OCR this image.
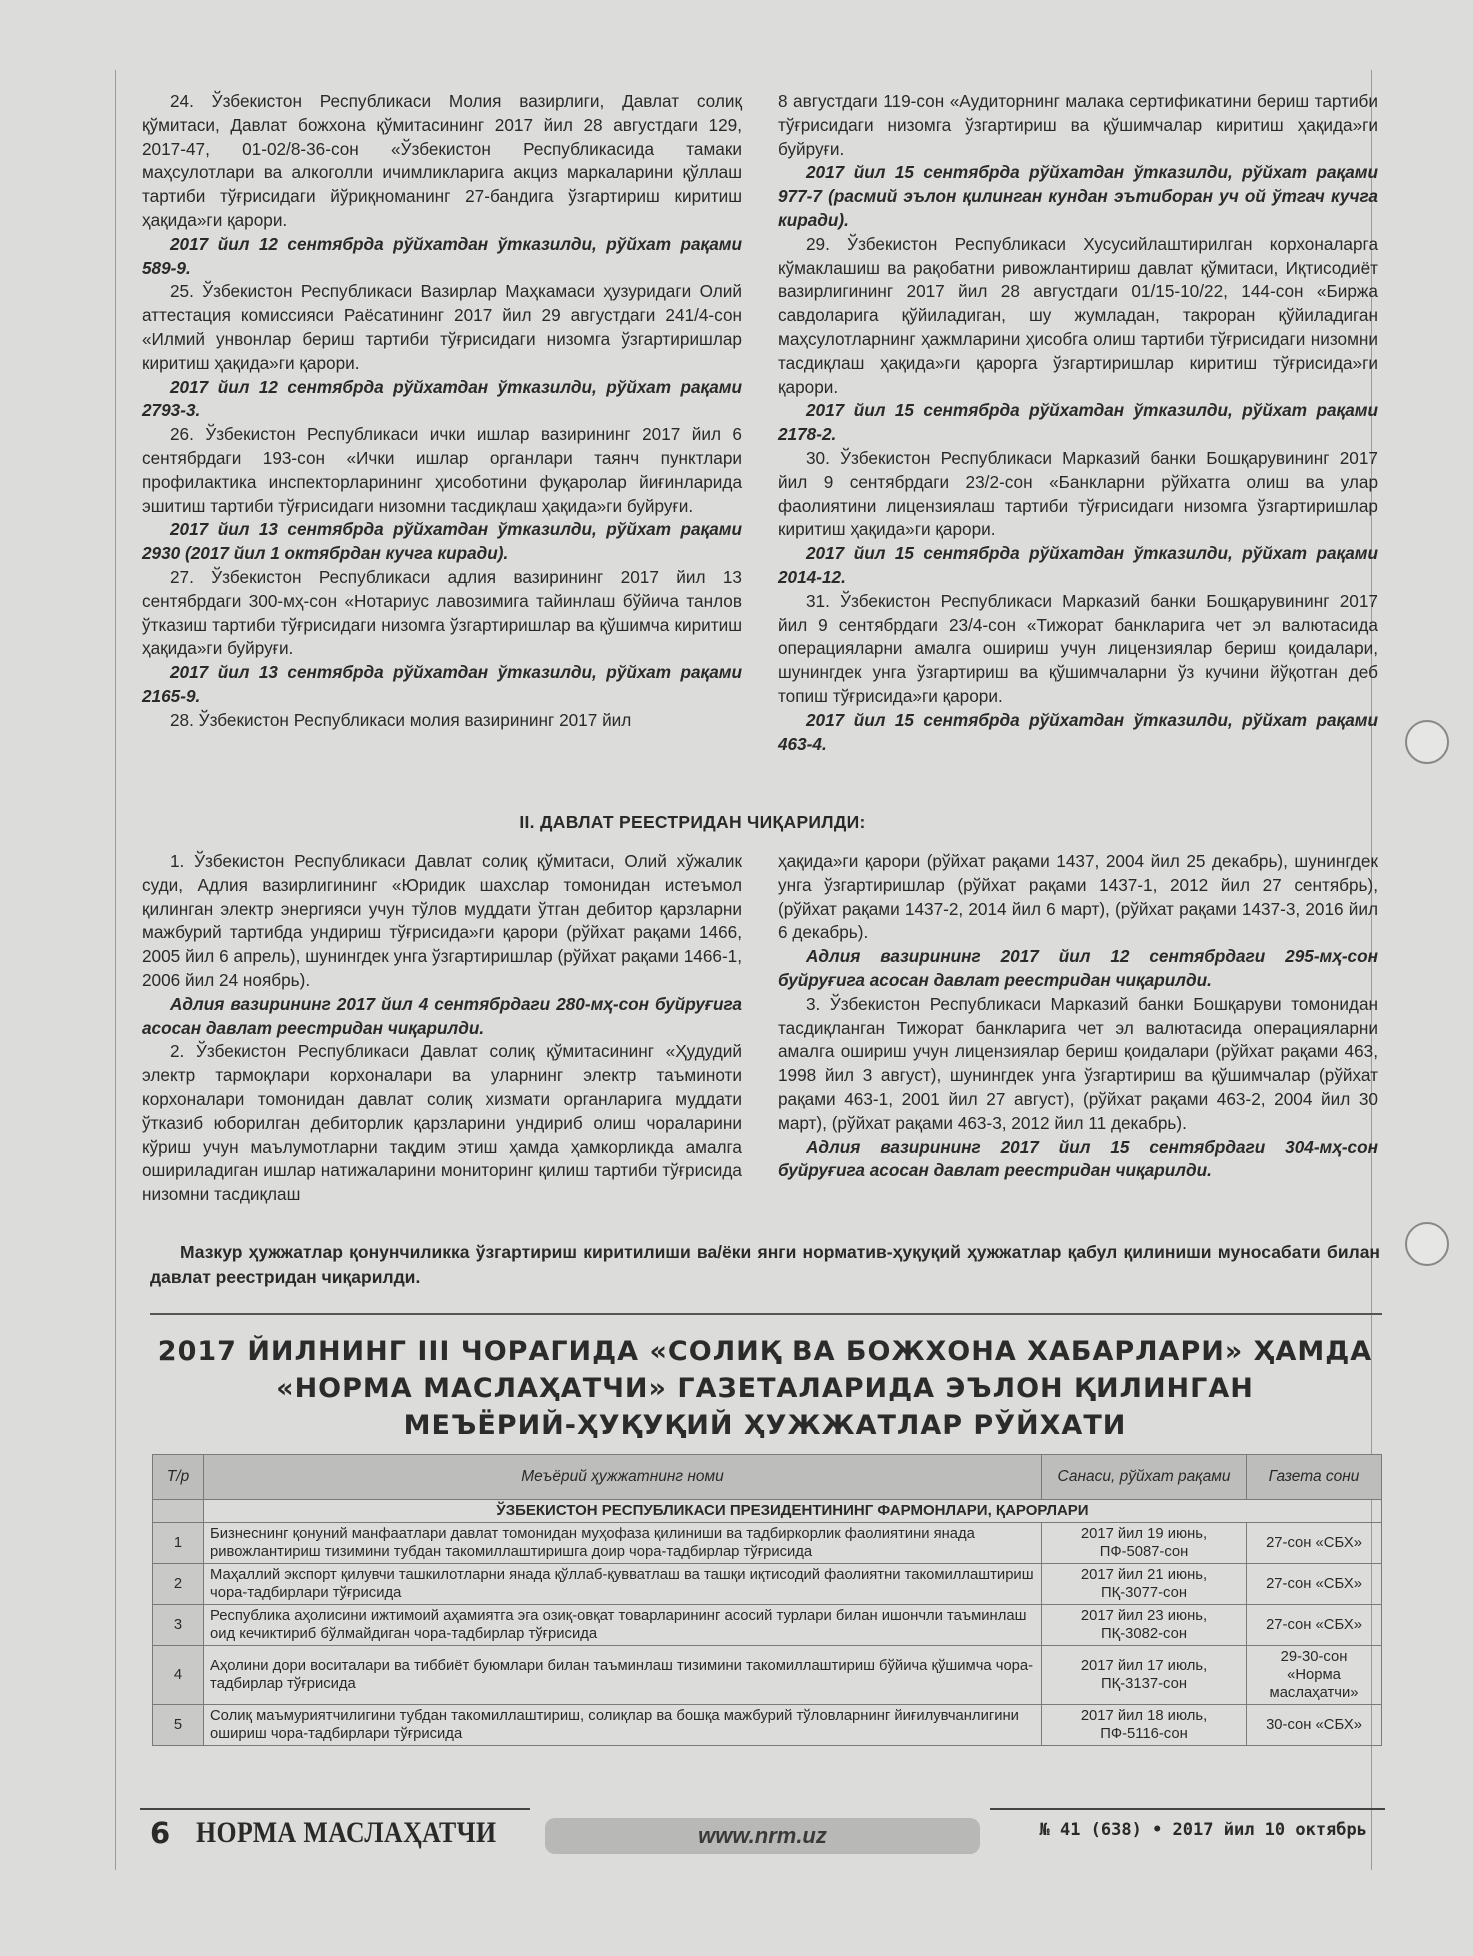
24. Ўзбекистон Республикаси Молия вазирлиги, Давлат солиқ қўмитаси, Давлат божхона қўмитасининг 2017 йил 28 августдаги 129, 2017-47, 01-02/8-36-сон «Ўзбекистон Республикасида тамаки маҳсулотлари ва алкоголли ичимликларига акциз маркаларини қўллаш тартиби тўғрисидаги йўриқноманинг 27-бандига ўзгартириш киритиш ҳақида»ги қарори.

2017 йил 12 сентябрда рўйхатдан ўтказилди, рўйхат рақами 589-9.

25. Ўзбекистон Республикаси Вазирлар Маҳкамаси ҳузуридаги Олий аттестация комиссияси Раёсатининг 2017 йил 29 августдаги 241/4-сон «Илмий унвонлар бериш тартиби тўғрисидаги низомга ўзгартиришлар киритиш ҳақида»ги қарори.

2017 йил 12 сентябрда рўйхатдан ўтказилди, рўйхат рақами 2793-3.

26. Ўзбекистон Республикаси ички ишлар вазирининг 2017 йил 6 сентябрдаги 193-сон «Ички ишлар органлари таянч пунктлари профилактика инспекторларининг ҳисоботини фуқаролар йиғинларида эшитиш тартиби тўғрисидаги низомни тасдиқлаш ҳақида»ги буйруғи.

2017 йил 13 сентябрда рўйхатдан ўтказилди, рўйхат рақами 2930 (2017 йил 1 октябрдан кучга киради).

27. Ўзбекистон Республикаси адлия вазирининг 2017 йил 13 сентябрдаги 300-мҳ-сон «Нотариус лавозимига тайинлаш бўйича танлов ўтказиш тартиби тўғрисидаги низомга ўзгартиришлар ва қўшимча киритиш ҳақида»ги буйруғи.

2017 йил 13 сентябрда рўйхатдан ўтказилди, рўйхат рақами 2165-9.

28. Ўзбекистон Республикаси молия вазирининг 2017 йил

8 августдаги 119-сон «Аудиторнинг малака сертификатини бериш тартиби тўғрисидаги низомга ўзгартириш ва қўшимчалар киритиш ҳақида»ги буйруғи.

2017 йил 15 сентябрда рўйхатдан ўтказилди, рўйхат рақами 977-7 (расмий эълон қилинган кундан эътиборан уч ой ўтгач кучга киради).

29. Ўзбекистон Республикаси Хусусийлаштирилган корхоналарга кўмаклашиш ва рақобатни ривожлантириш давлат қўмитаси, Иқтисодиёт вазирлигининг 2017 йил 28 августдаги 01/15-10/22, 144-сон «Биржа савдоларига қўйиладиган, шу жумладан, такроран қўйиладиган маҳсулотларнинг ҳажмларини ҳисобга олиш тартиби тўғрисидаги низомни тасдиқлаш ҳақида»ги қарорга ўзгартиришлар киритиш тўғрисида»ги қарори.

2017 йил 15 сентябрда рўйхатдан ўтказилди, рўйхат рақами 2178-2.

30. Ўзбекистон Республикаси Марказий банки Бошқарувининг 2017 йил 9 сентябрдаги 23/2-сон «Банкларни рўйхатга олиш ва улар фаолиятини лицензиялаш тартиби тўғрисидаги низомга ўзгартиришлар киритиш ҳақида»ги қарори.

2017 йил 15 сентябрда рўйхатдан ўтказилди, рўйхат рақами 2014-12.

31. Ўзбекистон Республикаси Марказий банки Бошқарувининг 2017 йил 9 сентябрдаги 23/4-сон «Тижорат банкларига чет эл валютасида операцияларни амалга ошириш учун лицензиялар бериш қоидалари, шунингдек унга ўзгартириш ва қўшимчаларни ўз кучини йўқотган деб топиш тўғрисида»ги қарори.

2017 йил 15 сентябрда рўйхатдан ўтказилди, рўйхат рақами 463-4.

II. ДАВЛАТ РЕЕСТРИДАН ЧИҚАРИЛДИ:

1. Ўзбекистон Республикаси Давлат солиқ қўмитаси, Олий хўжалик суди, Адлия вазирлигининг «Юридик шахслар томонидан истеъмол қилинган электр энергияси учун тўлов муддати ўтган дебитор қарзларни мажбурий тартибда ундириш тўғрисида»ги қарори (рўйхат рақами 1466, 2005 йил 6 апрель), шунингдек унга ўзгартиришлар (рўйхат рақами 1466-1, 2006 йил 24 ноябрь).

Адлия вазирининг 2017 йил 4 сентябрдаги 280-мҳ-сон буйруғига асосан давлат реестридан чиқарилди.

2. Ўзбекистон Республикаси Давлат солиқ қўмитасининг «Ҳудудий электр тармоқлари корхоналари ва уларнинг электр таъминоти корхоналари томонидан давлат солиқ хизмати органларига муддати ўтказиб юборилган дебиторлик қарзларини ундириб олиш чораларини кўриш учун маълумотларни тақдим этиш ҳамда ҳамкорликда амалга ошириладиган ишлар натижаларини мониторинг қилиш тартиби тўғрисида низомни тасдиқлаш

ҳақида»ги қарори (рўйхат рақами 1437, 2004 йил 25 декабрь), шунингдек унга ўзгартиришлар (рўйхат рақами 1437-1, 2012 йил 27 сентябрь), (рўйхат рақами 1437-2, 2014 йил 6 март), (рўйхат рақами 1437-3, 2016 йил 6 декабрь).

Адлия вазирининг 2017 йил 12 сентябрдаги 295-мҳ-сон буйруғига асосан давлат реестридан чиқарилди.

3. Ўзбекистон Республикаси Марказий банки Бошқаруви томонидан тасдиқланган Тижорат банкларига чет эл валютасида операцияларни амалга ошириш учун лицензиялар бериш қоидалари (рўйхат рақами 463, 1998 йил 3 август), шунингдек унга ўзгартириш ва қўшимчалар (рўйхат рақами 463-1, 2001 йил 27 август), (рўйхат рақами 463-2, 2004 йил 30 март), (рўйхат рақами 463-3, 2012 йил 11 декабрь).

Адлия вазирининг 2017 йил 15 сентябрдаги 304-мҳ-сон буйруғига асосан давлат реестридан чиқарилди.

Мазкур ҳужжатлар қонунчиликка ўзгартириш киритилиши ва/ёки янги норматив-ҳуқуқий ҳужжатлар қабул қилиниши муносабати билан давлат реестридан чиқарилди.
2017 ЙИЛНИНГ III ЧОРАГИДА «СОЛИҚ ВА БОЖХОНА ХАБАРЛАРИ» ҲАМДА
«НОРМА МАСЛАҲАТЧИ» ГАЗЕТАЛАРИДА ЭЪЛОН ҚИЛИНГАН
МЕЪЁРИЙ-ҲУҚУҚИЙ ҲУЖЖАТЛАР РЎЙХАТИ
Т/р	Меъёрий ҳужжатнинг номи	Санаси, рўйхат рақами	Газета сони
	ЎЗБЕКИСТОН РЕСПУБЛИКАСИ ПРЕЗИДЕНТИНИНГ ФАРМОНЛАРИ, ҚАРОРЛАРИ		
1	Бизнеснинг қонуний манфаатлари давлат томонидан муҳофаза қилиниши ва тадбиркорлик фаолиятини янада ривожлантириш тизимини тубдан такомиллаштиришга доир чора-тадбирлар тўғрисида	2017 йил 19 июнь, ПФ-5087-сон	27-сон «СБХ»
2	Маҳаллий экспорт қилувчи ташкилотларни янада қўллаб-қувватлаш ва ташқи иқтисодий фаолиятни такомиллаштириш чора-тадбирлари тўғрисида	2017 йил 21 июнь, ПҚ-3077-сон	27-сон «СБХ»
3	Республика аҳолисини ижтимоий аҳамиятга эга озиқ-овқат товарларининг асосий турлари билан ишончли таъминлаш оид кечиктириб бўлмайдиган чора-тадбирлар тўғрисида	2017 йил 23 июнь, ПҚ-3082-сон	27-сон «СБХ»
4	Аҳолини дори воситалари ва тиббиёт буюмлари билан таъминлаш тизимини такомиллаштириш бўйича қўшимча чора-тадбирлар тўғрисида	2017 йил 17 июль, ПҚ-3137-сон	29-30-сон «Норма маслаҳатчи»
5	Солиқ маъмуриятчилигини тубдан такомиллаштириш, солиқлар ва бошқа мажбурий тўловларнинг йиғилувчанлигини ошириш чора-тадбирлари тўғрисида	2017 йил 18 июль, ПФ-5116-сон	30-сон «СБХ»
6 НОРМА МАСЛАҲАТЧИ	www.nrm.uz	№ 41 (638) • 2017 йил 10 октябрь
